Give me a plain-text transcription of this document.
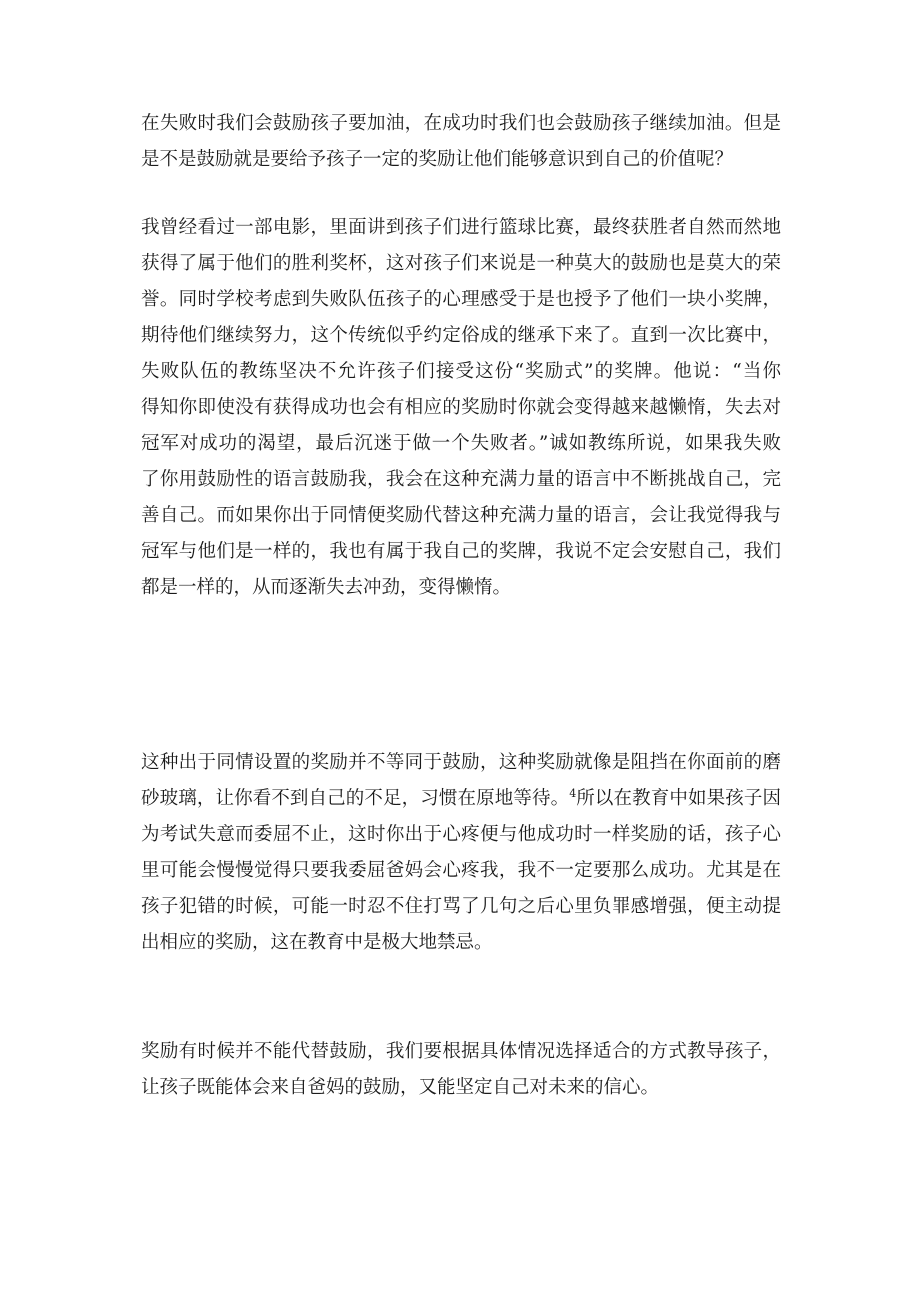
在失败时我们会鼓励孩子要加油，在成功时我们也会鼓励孩子继续加油。但是
是不是鼓励就是要给予孩子一定的奖励让他们能够意识到自己的价值呢？
我曾经看过一部电影，里面讲到孩子们进行篮球比赛，最终获胜者自然而然地
获得了属于他们的胜利奖杯，这对孩子们来说是一种莫大的鼓励也是莫大的荣
誉。同时学校考虑到失败队伍孩子的心理感受于是也授予了他们一块小奖牌，
期待他们继续努力，这个传统似乎约定俗成的继承下来了。直到一次比赛中，
失败队伍的教练坚决不允许孩子们接受这份“奖励式”的奖牌。他说：“当你
得知你即使没有获得成功也会有相应的奖励时你就会变得越来越懒惰，失去对
冠军对成功的渴望，最后沉迷于做一个失败者。”诚如教练所说，如果我失败
了你用鼓励性的语言鼓励我，我会在这种充满力量的语言中不断挑战自己，完
善自己。而如果你出于同情便奖励代替这种充满力量的语言，会让我觉得我与
冠军与他们是一样的，我也有属于我自己的奖牌，我说不定会安慰自己，我们
都是一样的，从而逐渐失去冲劲，变得懒惰。
这种出于同情设置的奖励并不等同于鼓励，这种奖励就像是阻挡在你面前的磨
砂玻璃，让你看不到自己的不足，习惯在原地等待。$^4$所以在教育中如果孩子因
为考试失意而委屈不止，这时你出于心疼便与他成功时一样奖励的话，孩子心
里可能会慢慢觉得只要我委屈爸妈会心疼我，我不一定要那么成功。尤其是在
孩子犯错的时候，可能一时忍不住打骂了几句之后心里负罪感增强，便主动提
出相应的奖励，这在教育中是极大地禁忌。
奖励有时候并不能代替鼓励，我们要根据具体情况选择适合的方式教导孩子，
让孩子既能体会来自爸妈的鼓励，又能坚定自己对未来的信心。
